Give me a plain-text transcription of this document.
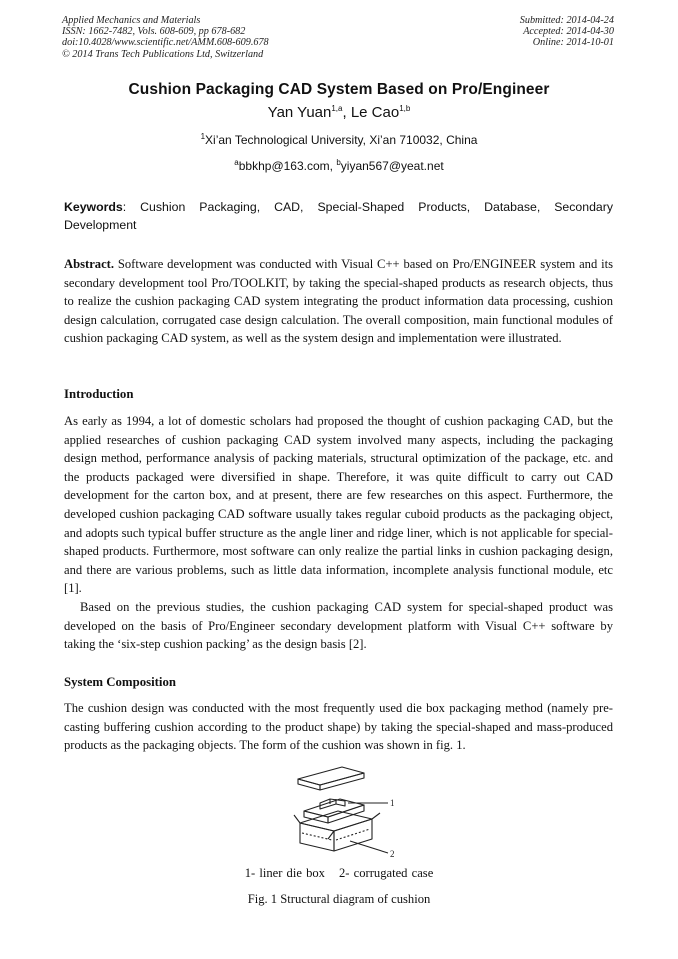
Applied Mechanics and Materials
ISSN: 1662-7482, Vols. 608-609, pp 678-682
doi:10.4028/www.scientific.net/AMM.608-609.678
© 2014 Trans Tech Publications Ltd, Switzerland
Submitted: 2014-04-24
Accepted: 2014-04-30
Online: 2014-10-01
Cushion Packaging CAD System Based on Pro/Engineer
Yan Yuan$^{1,a}$, Le Cao$^{1,b}$
$^1$Xi’an Technological University, Xi’an 710032, China
$^a$bbkhp@163.com, $^b$yiyan567@yeat.net
Keywords: Cushion Packaging, CAD, Special-Shaped Products, Database, Secondary Development
Abstract. Software development was conducted with Visual C++ based on Pro/ENGINEER system and its secondary development tool Pro/TOOLKIT, by taking the special-shaped products as research objects, thus to realize the cushion packaging CAD system integrating the product information data processing, cushion design calculation, corrugated case design calculation. The overall composition, main functional modules of cushion packaging CAD system, as well as the system design and implementation were illustrated.
Introduction
As early as 1994, a lot of domestic scholars had proposed the thought of cushion packaging CAD, but the applied researches of cushion packaging CAD system involved many aspects, including the packaging design method, performance analysis of packing materials, structural optimization of the package, etc. and the products packaged were diversified in shape. Therefore, it was quite difficult to carry out CAD development for the carton box, and at present, there are few researches on this aspect. Furthermore, the developed cushion packaging CAD software usually takes regular cuboid products as the packaging object, and adopts such typical buffer structure as the angle liner and ridge liner, which is not applicable for special-shaped products. Furthermore, most software can only realize the partial links in cushion packaging design, and there are various problems, such as little data information, incomplete analysis functional module, etc [1].
Based on the previous studies, the cushion packaging CAD system for special-shaped product was developed on the basis of Pro/Engineer secondary development platform with Visual C++ software by taking the ‘six-step cushion packing’ as the design basis [2].
System Composition
The cushion design was conducted with the most frequently used die box packaging method (namely pre-casting buffering cushion according to the product shape) by taking the special-shaped and mass-produced products as the packaging objects. The form of the cushion was shown in fig. 1.
1
2
1- liner die box 2- corrugated case
Fig. 1 Structural diagram of cushion
